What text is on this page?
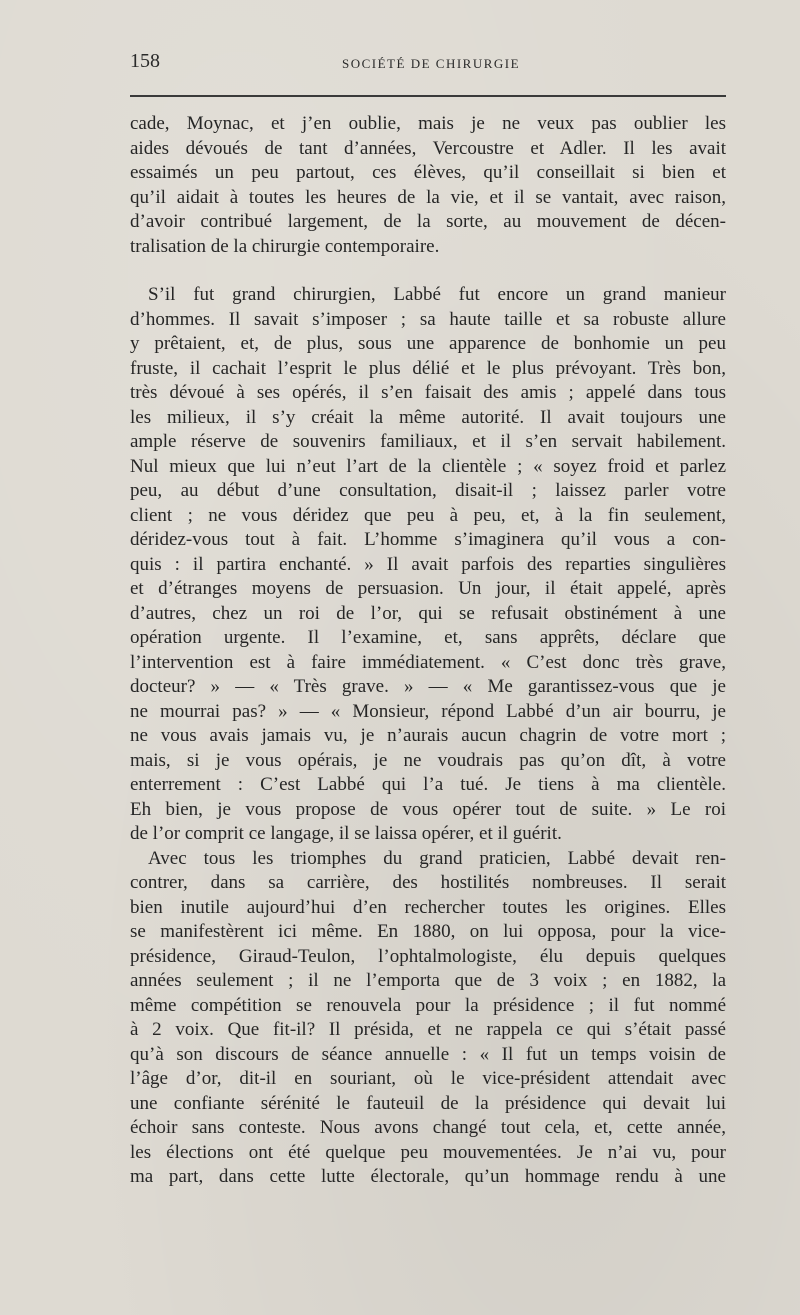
158	SOCIÉTÉ DE CHIRURGIE

cade, Moynac, et j’en oublie, mais je ne veux pas oublier les
aides dévoués de tant d’années, Vercoustre et Adler. Il les avait
essaimés un peu partout, ces élèves, qu’il conseillait si bien et
qu’il aidait à toutes les heures de la vie, et il se vantait, avec raison,
d’avoir contribué largement, de la sorte, au mouvement de décen-
tralisation de la chirurgie contemporaire.

S’il fut grand chirurgien, Labbé fut encore un grand manieur
d’hommes. Il savait s’imposer ; sa haute taille et sa robuste allure
y prêtaient, et, de plus, sous une apparence de bonhomie un peu
fruste, il cachait l’esprit le plus délié et le plus prévoyant. Très bon,
très dévoué à ses opérés, il s’en faisait des amis ; appelé dans tous
les milieux, il s’y créait la même autorité. Il avait toujours une
ample réserve de souvenirs familiaux, et il s’en servait habilement.
Nul mieux que lui n’eut l’art de la clientèle ; « soyez froid et parlez
peu, au début d’une consultation, disait-il ; laissez parler votre
client ; ne vous déridez que peu à peu, et, à la fin seulement,
déridez-vous tout à fait. L’homme s’imaginera qu’il vous a con-
quis : il partira enchanté. » Il avait parfois des reparties singulières
et d’étranges moyens de persuasion. Un jour, il était appelé, après
d’autres, chez un roi de l’or, qui se refusait obstinément à une
opération urgente. Il l’examine, et, sans apprêts, déclare que
l’intervention est à faire immédiatement. « C’est donc très grave,
docteur? » — « Très grave. » — « Me garantissez-vous que je
ne mourrai pas? » — « Monsieur, répond Labbé d’un air bourru, je
ne vous avais jamais vu, je n’aurais aucun chagrin de votre mort ;
mais, si je vous opérais, je ne voudrais pas qu’on dît, à votre
enterrement : C’est Labbé qui l’a tué. Je tiens à ma clientèle.
Eh bien, je vous propose de vous opérer tout de suite. » Le roi
de l’or comprit ce langage, il se laissa opérer, et il guérit.

Avec tous les triomphes du grand praticien, Labbé devait ren-
contrer, dans sa carrière, des hostilités nombreuses. Il serait
bien inutile aujourd’hui d’en rechercher toutes les origines. Elles
se manifestèrent ici même. En 1880, on lui opposa, pour la vice-
présidence, Giraud-Teulon, l’ophtalmologiste, élu depuis quelques
années seulement ; il ne l’emporta que de 3 voix ; en 1882, la
même compétition se renouvela pour la présidence ; il fut nommé
à 2 voix. Que fit-il? Il présida, et ne rappela ce qui s’était passé
qu’à son discours de séance annuelle : « Il fut un temps voisin de
l’âge d’or, dit-il en souriant, où le vice-président attendait avec
une confiante sérénité le fauteuil de la présidence qui devait lui
échoir sans conteste. Nous avons changé tout cela, et, cette année,
les élections ont été quelque peu mouvementées. Je n’ai vu, pour
ma part, dans cette lutte électorale, qu’un hommage rendu à une
